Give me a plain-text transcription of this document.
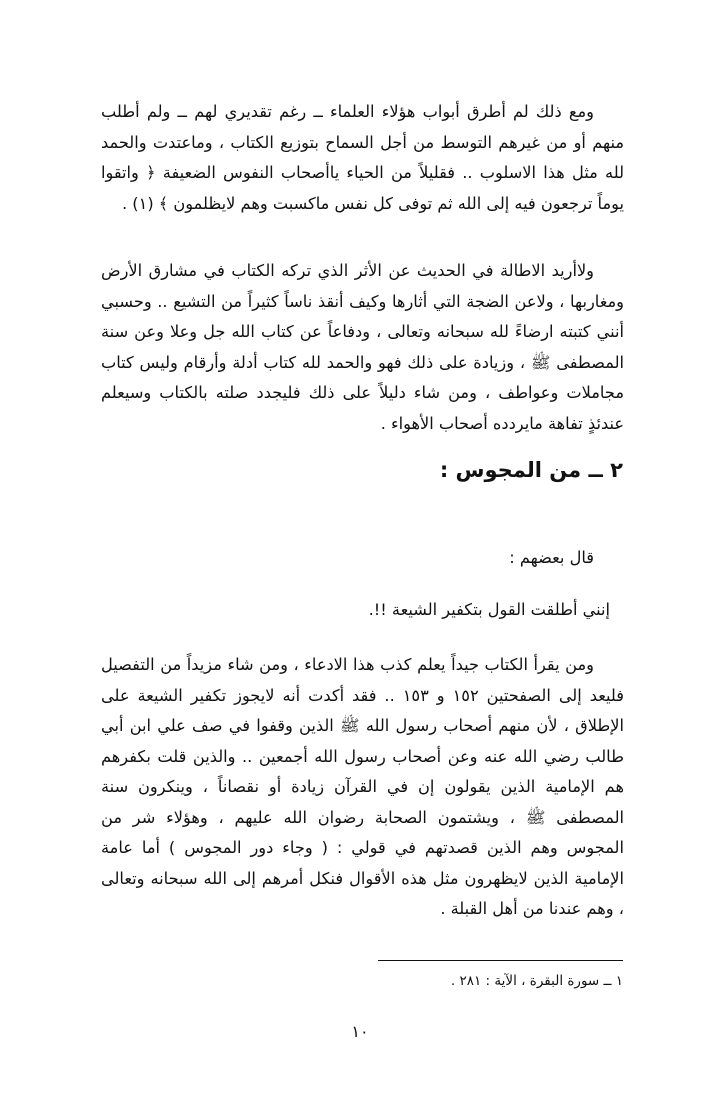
ومع ذلك لم أطرق أبواب هؤلاء العلماء ــ رغم تقديري لهم ــ ولم أطلب منهم أو من غيرهم التوسط من أجل السماح بتوزيع الكتاب ، وماعتدت والحمد لله مثل هذا الاسلوب .. فقليلاً من الحياء ياأصحاب النفوس الضعيفة ﴿ واتقوا يوماً ترجعون فيه إلى الله ثم توفى كل نفس ماكسبت وهم لايظلمون ﴾ (١) .

ولاأريد الاطالة في الحديث عن الأثر الذي تركه الكتاب في مشارق الأرض ومغاربها ، ولاعن الضجة التي أثارها وكيف أنقذ ناساً كثيراً من التشيع .. وحسبي أنني كتبته ارضاءً لله سبحانه وتعالى ، ودفاعاً عن كتاب الله جل وعلا وعن سنة المصطفى ﷺ ، وزيادة على ذلك فهو والحمد لله كتاب أدلة وأرقام وليس كتاب مجاملات وعواطف ، ومن شاء دليلاً على ذلك فليجدد صلته بالكتاب وسيعلم عندئذٍ تفاهة مايردده أصحاب الأهواء .

٢ ــ من المجوس :

قال بعضهم :

إنني أطلقت القول بتكفير الشيعة !!.

ومن يقرأ الكتاب جيداً يعلم كذب هذا الادعاء ، ومن شاء مزيداً من التفصيل فليعد إلى الصفحتين ١٥٢ و ١٥٣ .. فقد أكدت أنه لايجوز تكفير الشيعة على الإطلاق ، لأن منهم أصحاب رسول الله ﷺ الذين وقفوا في صف علي ابن أبي طالب رضي الله عنه وعن أصحاب رسول الله أجمعين .. والذين قلت بكفرهم هم الإمامية الذين يقولون إن في القرآن زيادة أو نقصاناً ، وينكرون سنة المصطفى ﷺ ، ويشتمون الصحابة رضوان الله عليهم ، وهؤلاء شر من المجوس وهم الذين قصدتهم في قولي : ( وجاء دور المجوس ) أما عامة الإمامية الذين لايظهرون مثل هذه الأقوال فنكل أمرهم إلى الله سبحانه وتعالى ، وهم عندنا من أهل القبلة .

١ ــ سورة البقرة ، الآية : ٢٨١ .

١٠
